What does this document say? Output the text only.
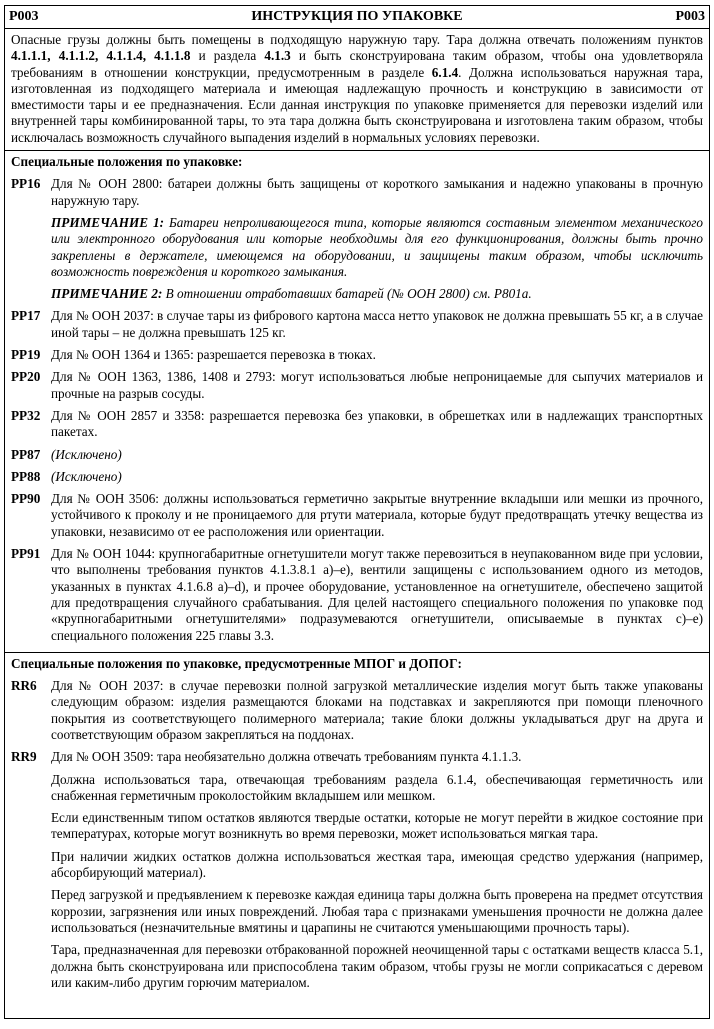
P003	ИНСТРУКЦИЯ ПО УПАКОВКЕ	P003
Опасные грузы должны быть помещены в подходящую наружную тару. Тара должна отвечать положениям пунктов 4.1.1.1, 4.1.1.2, 4.1.1.4, 4.1.1.8 и раздела 4.1.3 и быть сконструирована таким образом, чтобы она удовлетворяла требованиям в отношении конструкции, предусмотренным в разделе 6.1.4. Должна использоваться наружная тара, изготовленная из подходящего материала и имеющая надлежащую прочность и конструкцию в зависимости от вместимости тары и ее предназначения. Если данная инструкция по упаковке применяется для перевозки изделий или внутренней тары комбинированной тары, то эта тара должна быть сконструирована и изготовлена таким образом, чтобы исключалась возможность случайного выпадения изделий в нормальных условиях перевозки.
Специальные положения по упаковке:
PP16 Для № ООН 2800: батареи должны быть защищены от короткого замыкания и надежно упакованы в прочную наружную тару.

ПРИМЕЧАНИЕ 1: Батареи непроливающегося типа, которые являются составным элементом механического или электронного оборудования или которые необходимы для его функционирования, должны быть прочно закреплены в держателе, имеющемся на оборудовании, и защищены таким образом, чтобы исключить возможность повреждения и короткого замыкания.

ПРИМЕЧАНИЕ 2: В отношении отработавших батарей (№ ООН 2800) см. P801a.

PP17 Для № ООН 2037: в случае тары из фибрового картона масса нетто упаковок не должна превышать 55 кг, а в случае иной тары – не должна превышать 125 кг.
PP19 Для № ООН 1364 и 1365: разрешается перевозка в тюках.
PP20 Для № ООН 1363, 1386, 1408 и 2793: могут использоваться любые непроницаемые для сыпучих материалов и прочные на разрыв сосуды.
PP32 Для № ООН 2857 и 3358: разрешается перевозка без упаковки, в обрешетках или в надлежащих транспортных пакетах.
PP87 (Исключено)
PP88 (Исключено)
PP90 Для № ООН 3506: должны использоваться герметично закрытые внутренние вкладыши или мешки из прочного, устойчивого к проколу и не проницаемого для ртути материала, которые будут предотвращать утечку вещества из упаковки, независимо от ее расположения или ориентации.
PP91 Для № ООН 1044: крупногабаритные огнетушители могут также перевозиться в неупакованном виде при условии, что выполнены требования пунктов 4.1.3.8.1 a)–e), вентили защищены с использованием одного из методов, указанных в пунктах 4.1.6.8 a)–d), и прочее оборудование, установленное на огнетушителе, обеспечено защитой для предотвращения случайного срабатывания. Для целей настоящего специального положения по упаковке под «крупногабаритными огнетушителями» подразумеваются огнетушители, описываемые в пунктах c)–e) специального положения 225 главы 3.3.
Специальные положения по упаковке, предусмотренные МПОГ и ДОПОГ:
RR6	Для № ООН 2037: в случае перевозки полной загрузкой металлические изделия могут быть также упакованы следующим образом: изделия размещаются блоками на подставках и закрепляются при помощи пленочного покрытия из соответствующего полимерного материала; такие блоки должны укладываться друг на друга и соответствующим образом закрепляться на поддонах.
RR9	Для № ООН 3509: тара необязательно должна отвечать требованиям пункта 4.1.1.3.

Должна использоваться тара, отвечающая требованиям раздела 6.1.4, обеспечивающая герметичность или снабженная герметичным проколостойким вкладышем или мешком.

Если единственным типом остатков являются твердые остатки, которые не могут перейти в жидкое состояние при температурах, которые могут возникнуть во время перевозки, может использоваться мягкая тара.

При наличии жидких остатков должна использоваться жесткая тара, имеющая средство удержания (например, абсорбирующий материал).

Перед загрузкой и предъявлением к перевозке каждая единица тары должна быть проверена на предмет отсутствия коррозии, загрязнения или иных повреждений. Любая тара с признаками уменьшения прочности не должна далее использоваться (незначительные вмятины и царапины не считаются уменьшающими прочность тары).

Тара, предназначенная для перевозки отбракованной порожней неочищенной тары с остатками веществ класса 5.1, должна быть сконструирована или приспособлена таким образом, чтобы грузы не могли соприкасаться с деревом или каким-либо другим горючим материалом.
